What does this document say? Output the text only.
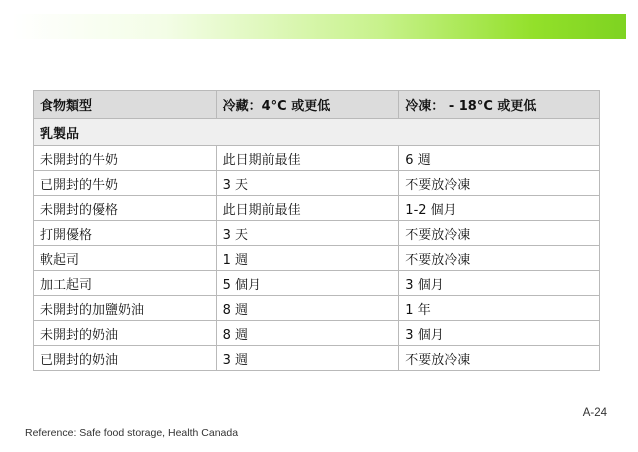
食物類型	冷藏：4°C 或更低	冷凍： - 18°C 或更低
乳製品		
未開封的牛奶	此日期前最佳	6 週
已開封的牛奶	3 天	不要放冷凍
未開封的優格	此日期前最佳	1-2 個月
打開優格	3 天	不要放冷凍
軟起司	1 週	不要放冷凍
加工起司	5 個月	3 個月
未開封的加鹽奶油	8 週	1 年
未開封的奶油	8 週	3 個月
已開封的奶油	3 週	不要放冷凍
A-24
Reference: Safe food storage, Health Canada
